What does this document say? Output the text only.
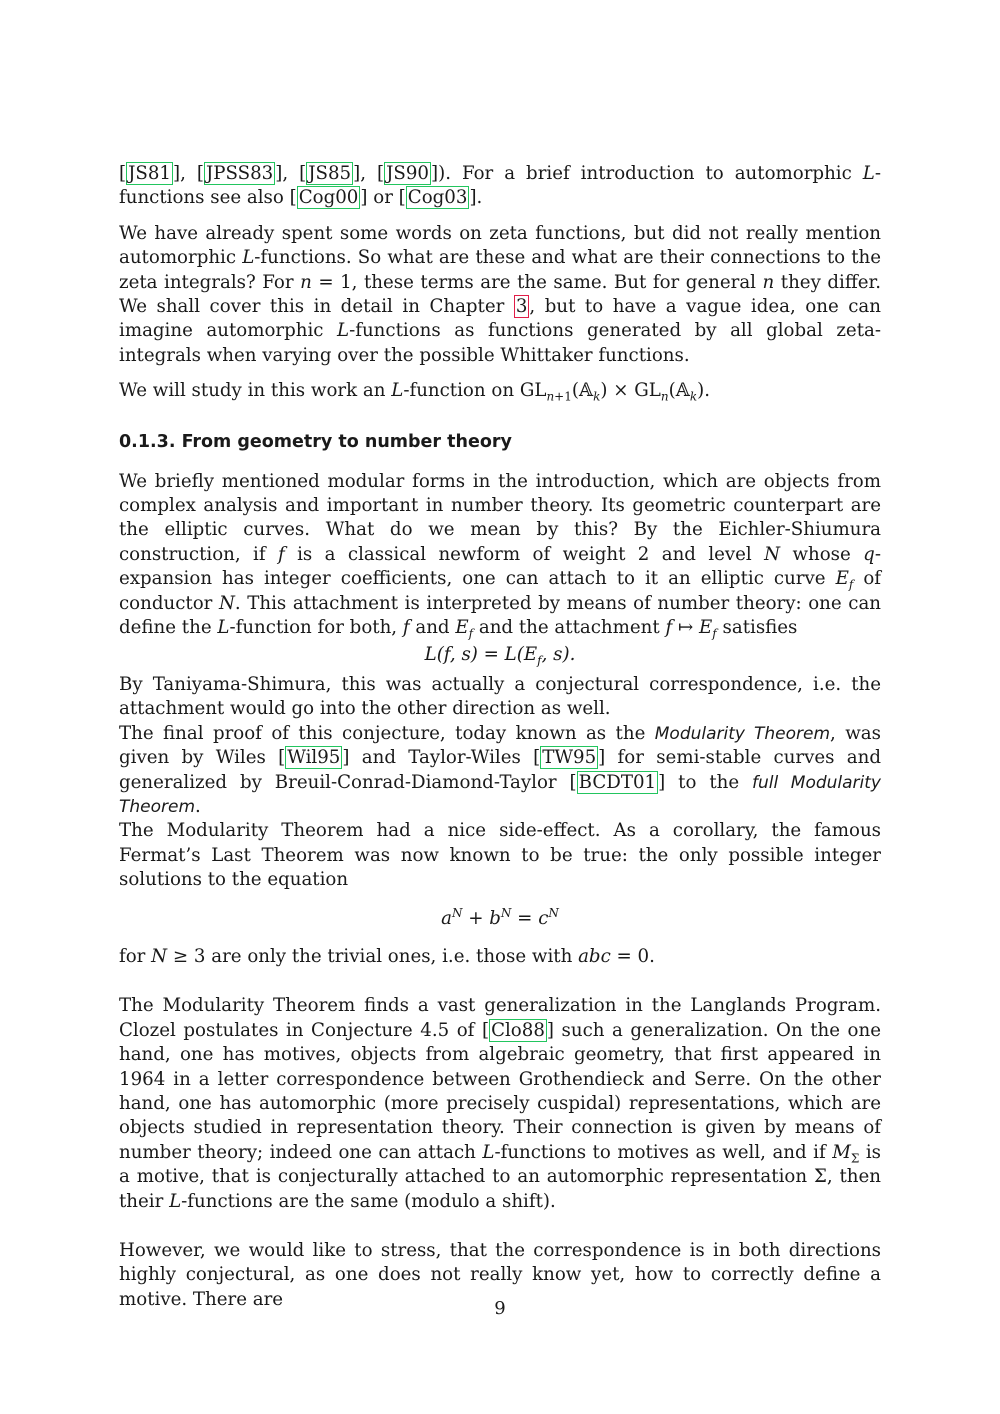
[ JS81 ], [ JPSS83 ], [ JS85 ], [ JS90 ]). For a brief introduction to automorphic L-functions see also [ Cog00 ] or [ Cog03 ].

We have already spent some words on zeta functions, but did not really mention automorphic L-functions. So what are these and what are their connections to the zeta integrals? For n = 1, these terms are the same. But for general n they differ. We shall cover this in detail in Chapter 3 , but to have a vague idea, one can imagine automorphic L-functions as functions generated by all global zeta-integrals when varying over the possible Whittaker functions.

We will study in this work an L-function on $GL_{n+1}(𝔸_k)$ × $GL_n(𝔸_k)$.

0.1.3. From geometry to number theory

We briefly mentioned modular forms in the introduction, which are objects from complex analysis and important in number theory. Its geometric counterpart are the elliptic curves. What do we mean by this? By the Eichler-Shiumura construction, if f is a classical newform of weight 2 and level N whose q-expansion has integer coefficients, one can attach to it an elliptic curve $E_f$ of conductor N. This attachment is interpreted by means of number theory: one can define the L-function for both, f and $E_f$ and the attachment f ↦ $E_f$ satisfies

L(f, $s) = L(E_f$, s).

By Taniyama-Shimura, this was actually a conjectural correspondence, i.e. the attachment would go into the other direction as well.

The final proof of this conjecture, today known as the Modularity Theorem, was given by Wiles [ Wil95 ] and Taylor-Wiles [ TW95 ] for semi-stable curves and generalized by Breuil-Conrad-Diamond-Taylor [ BCDT01 ] to the full Modularity Theorem.

The Modularity Theorem had a nice side-effect. As a corollary, the famous Fermat’s Last Theorem was now known to be true: the only possible integer solutions to the equation

$a^N + b^N = c^N$

for N ≥ 3 are only the trivial ones, i.e. those with abc = 0.

The Modularity Theorem finds a vast generalization in the Langlands Program. Clozel postulates in Conjecture 4.5 of [ Clo88 ] such a generalization. On the one hand, one has motives, objects from algebraic geometry, that first appeared in 1964 in a letter correspondence between Grothendieck and Serre. On the other hand, one has automorphic (more precisely cuspidal) representations, which are objects studied in representation theory. Their connection is given by means of number theory; indeed one can attach L-functions to motives as well, and if $M_\Sigma$ is a motive, that is conjecturally attached to an automorphic representation Σ, then their L-functions are the same (modulo a shift).

However, we would like to stress, that the correspondence is in both directions highly conjectural, as one does not really know yet, how to correctly define a motive. There are	9
